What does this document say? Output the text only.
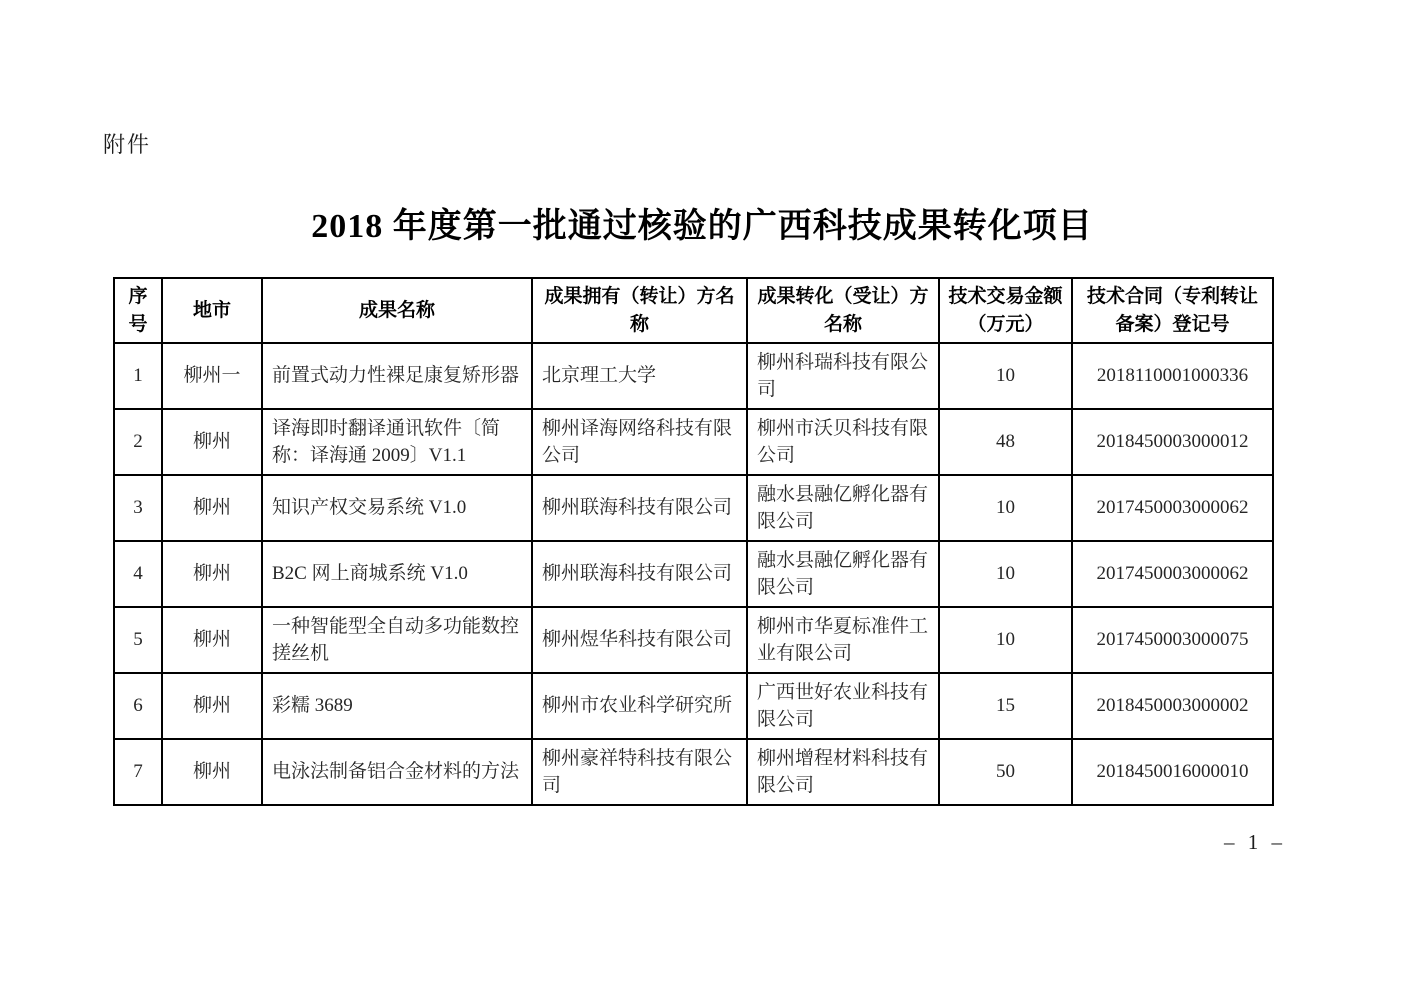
附件
2018 年度第一批通过核验的广西科技成果转化项目
序号	地市	成果名称	成果拥有（转让）方名称	成果转化（受让）方名称	技术交易金额（万元）	技术合同（专利转让备案）登记号
1	柳州一	前置式动力性裸足康复矫形器	北京理工大学	柳州科瑞科技有限公司	10	2018110001000336
2	柳州	译海即时翻译通讯软件〔简称：译海通 2009〕V1.1	柳州译海网络科技有限公司	柳州市沃贝科技有限公司	48	2018450003000012
3	柳州	知识产权交易系统 V1.0	柳州联海科技有限公司	融水县融亿孵化器有限公司	10	2017450003000062
4	柳州	B2C 网上商城系统 V1.0	柳州联海科技有限公司	融水县融亿孵化器有限公司	10	2017450003000062
5	柳州	一种智能型全自动多功能数控搓丝机	柳州煜华科技有限公司	柳州市华夏标准件工业有限公司	10	2017450003000075
6	柳州	彩糯 3689	柳州市农业科学研究所	广西世好农业科技有限公司	15	2018450003000002
7	柳州	电泳法制备铝合金材料的方法	柳州豪祥特科技有限公司	柳州增程材料科技有限公司	50	2018450016000010
– 1 –
